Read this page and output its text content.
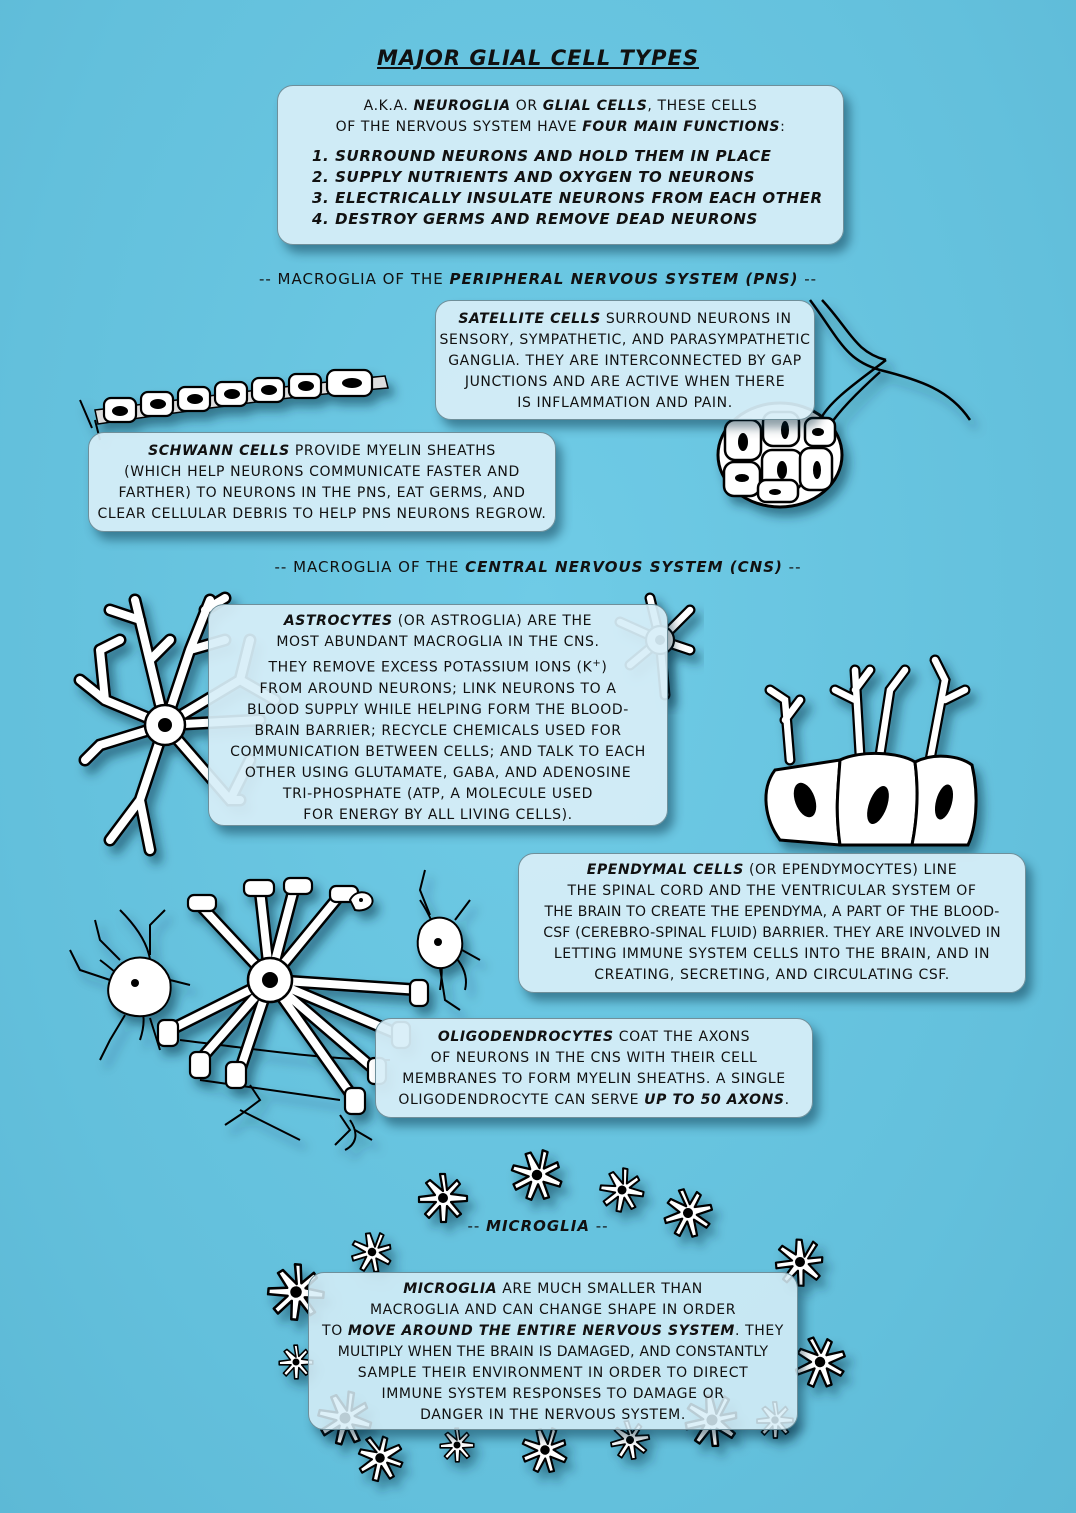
MAJOR GLIAL CELL TYPES
A.K.A. NEUROGLIA OR GLIAL CELLS, THESE CELLS
OF THE NERVOUS SYSTEM HAVE FOUR MAIN FUNCTIONS:
1. SURROUND NEURONS AND HOLD THEM IN PLACE
2. SUPPLY NUTRIENTS AND OXYGEN TO NEURONS
3. ELECTRICALLY INSULATE NEURONS FROM EACH OTHER
4. DESTROY GERMS AND REMOVE DEAD NEURONS
-- MACROGLIA OF THE PERIPHERAL NERVOUS SYSTEM (PNS) --
SATELLITE CELLS SURROUND NEURONS IN
SENSORY, SYMPATHETIC, AND PARASYMPATHETIC
GANGLIA. THEY ARE INTERCONNECTED BY GAP
JUNCTIONS AND ARE ACTIVE WHEN THERE
IS INFLAMMATION AND PAIN.
SCHWANN CELLS PROVIDE MYELIN SHEATHS
(WHICH HELP NEURONS COMMUNICATE FASTER AND
FARTHER) TO NEURONS IN THE PNS, EAT GERMS, AND
CLEAR CELLULAR DEBRIS TO HELP PNS NEURONS REGROW.
-- MACROGLIA OF THE CENTRAL NERVOUS SYSTEM (CNS) --
ASTROCYTES (OR ASTROGLIA) ARE THE
MOST ABUNDANT MACROGLIA IN THE CNS.
THEY REMOVE EXCESS POTASSIUM IONS (K+)
FROM AROUND NEURONS; LINK NEURONS TO A
BLOOD SUPPLY WHILE HELPING FORM THE BLOOD-
BRAIN BARRIER; RECYCLE CHEMICALS USED FOR
COMMUNICATION BETWEEN CELLS; AND TALK TO EACH
OTHER USING GLUTAMATE, GABA, AND ADENOSINE
TRI-PHOSPHATE (ATP, A MOLECULE USED
FOR ENERGY BY ALL LIVING CELLS).
EPENDYMAL CELLS (OR EPENDYMOCYTES) LINE
THE SPINAL CORD AND THE VENTRICULAR SYSTEM OF
THE BRAIN TO CREATE THE EPENDYMA, A PART OF THE BLOOD-
CSF (CEREBRO-SPINAL FLUID) BARRIER. THEY ARE INVOLVED IN
LETTING IMMUNE SYSTEM CELLS INTO THE BRAIN, AND IN
CREATING, SECRETING, AND CIRCULATING CSF.
OLIGODENDROCYTES COAT THE AXONS
OF NEURONS IN THE CNS WITH THEIR CELL
MEMBRANES TO FORM MYELIN SHEATHS. A SINGLE
OLIGODENDROCYTE CAN SERVE UP TO 50 AXONS.
-- MICROGLIA --
MICROGLIA ARE MUCH SMALLER THAN
MACROGLIA AND CAN CHANGE SHAPE IN ORDER
TO MOVE AROUND THE ENTIRE NERVOUS SYSTEM. THEY
MULTIPLY WHEN THE BRAIN IS DAMAGED, AND CONSTANTLY
SAMPLE THEIR ENVIRONMENT IN ORDER TO DIRECT
IMMUNE SYSTEM RESPONSES TO DAMAGE OR
DANGER IN THE NERVOUS SYSTEM.
